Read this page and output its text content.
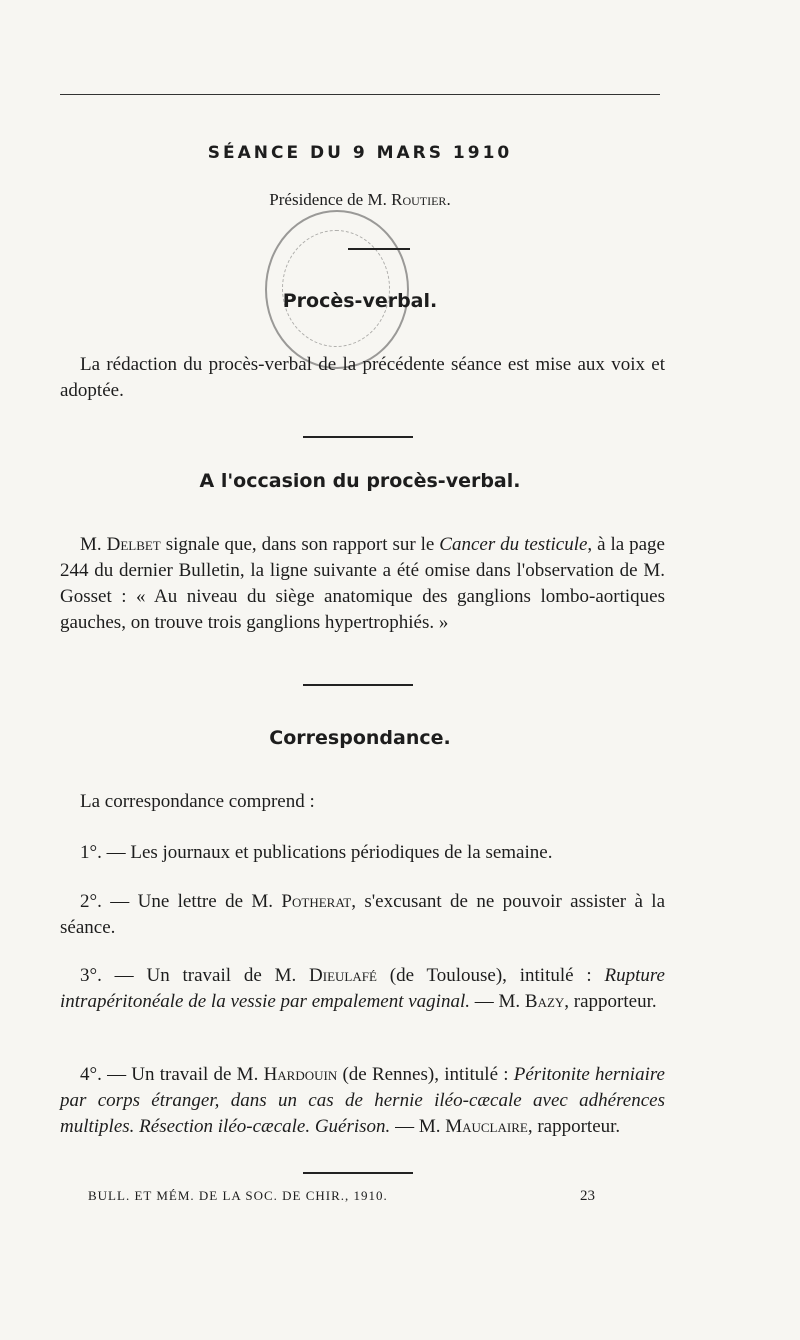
SÉANCE DU 9 MARS 1910
Présidence de M. Routier.
Procès-verbal.
La rédaction du procès-verbal de la précédente séance est mise aux voix et adoptée.
A l'occasion du procès-verbal.
M. Delbet signale que, dans son rapport sur le Cancer du testicule, à la page 244 du dernier Bulletin, la ligne suivante a été omise dans l'observation de M. Gosset : « Au niveau du siège anatomique des ganglions lombo-aortiques gauches, on trouve trois ganglions hypertrophiés. »
Correspondance.
La correspondance comprend :
1°. — Les journaux et publications périodiques de la semaine.
2°. — Une lettre de M. Potherat, s'excusant de ne pouvoir assister à la séance.
3°. — Un travail de M. Dieulafé (de Toulouse), intitulé : Rupture intrapéritonéale de la vessie par empalement vaginal. — M. Bazy, rapporteur.
4°. — Un travail de M. Hardouin (de Rennes), intitulé : Péritonite herniaire par corps étranger, dans un cas de hernie iléo-cæcale avec adhérences multiples. Résection iléo-cæcale. Guérison. — M. Mauclaire, rapporteur.
BULL. ET MÉM. DE LA SOC. DE CHIR., 1910.	23
